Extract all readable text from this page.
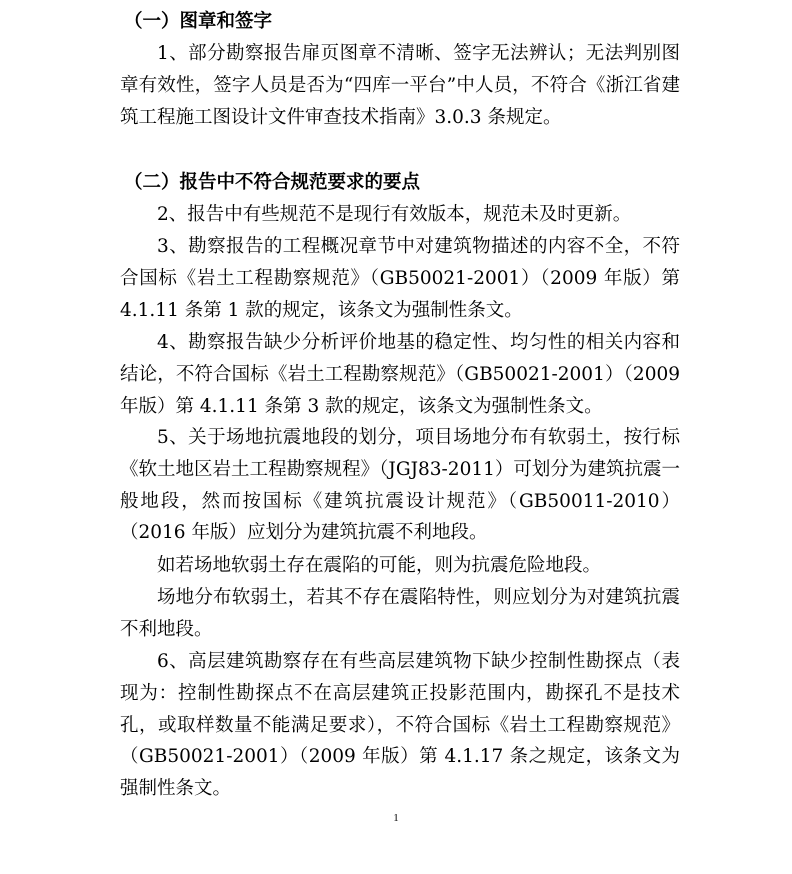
（一）图章和签字

1、部分勘察报告扉页图章不清晰、签字无法辨认；无法判别图章有效性，签字人员是否为“四库一平台”中人员，不符合《浙江省建筑工程施工图设计文件审查技术指南》3.0.3 条规定。

（二）报告中不符合规范要求的要点

2、报告中有些规范不是现行有效版本，规范未及时更新。

3、勘察报告的工程概况章节中对建筑物描述的内容不全，不符合国标《岩土工程勘察规范》（GB50021-2001）（2009 年版）第 4.1.11 条第 1 款的规定，该条文为强制性条文。

4、勘察报告缺少分析评价地基的稳定性、均匀性的相关内容和结论，不符合国标《岩土工程勘察规范》（GB50021-2001）（2009 年版）第 4.1.11 条第 3 款的规定，该条文为强制性条文。

5、关于场地抗震地段的划分，项目场地分布有软弱土，按行标《软土地区岩土工程勘察规程》（JGJ83-2011）可划分为建筑抗震一般地段，然而按国标《建筑抗震设计规范》（GB50011-2010）（2016 年版）应划分为建筑抗震不利地段。

如若场地软弱土存在震陷的可能，则为抗震危险地段。

场地分布软弱土，若其不存在震陷特性，则应划分为对建筑抗震不利地段。

6、高层建筑勘察存在有些高层建筑物下缺少控制性勘探点（表现为：控制性勘探点不在高层建筑正投影范围内，勘探孔不是技术孔，或取样数量不能满足要求），不符合国标《岩土工程勘察规范》（GB50021-2001）（2009 年版）第 4.1.17 条之规定，该条文为强制性条文。

1
